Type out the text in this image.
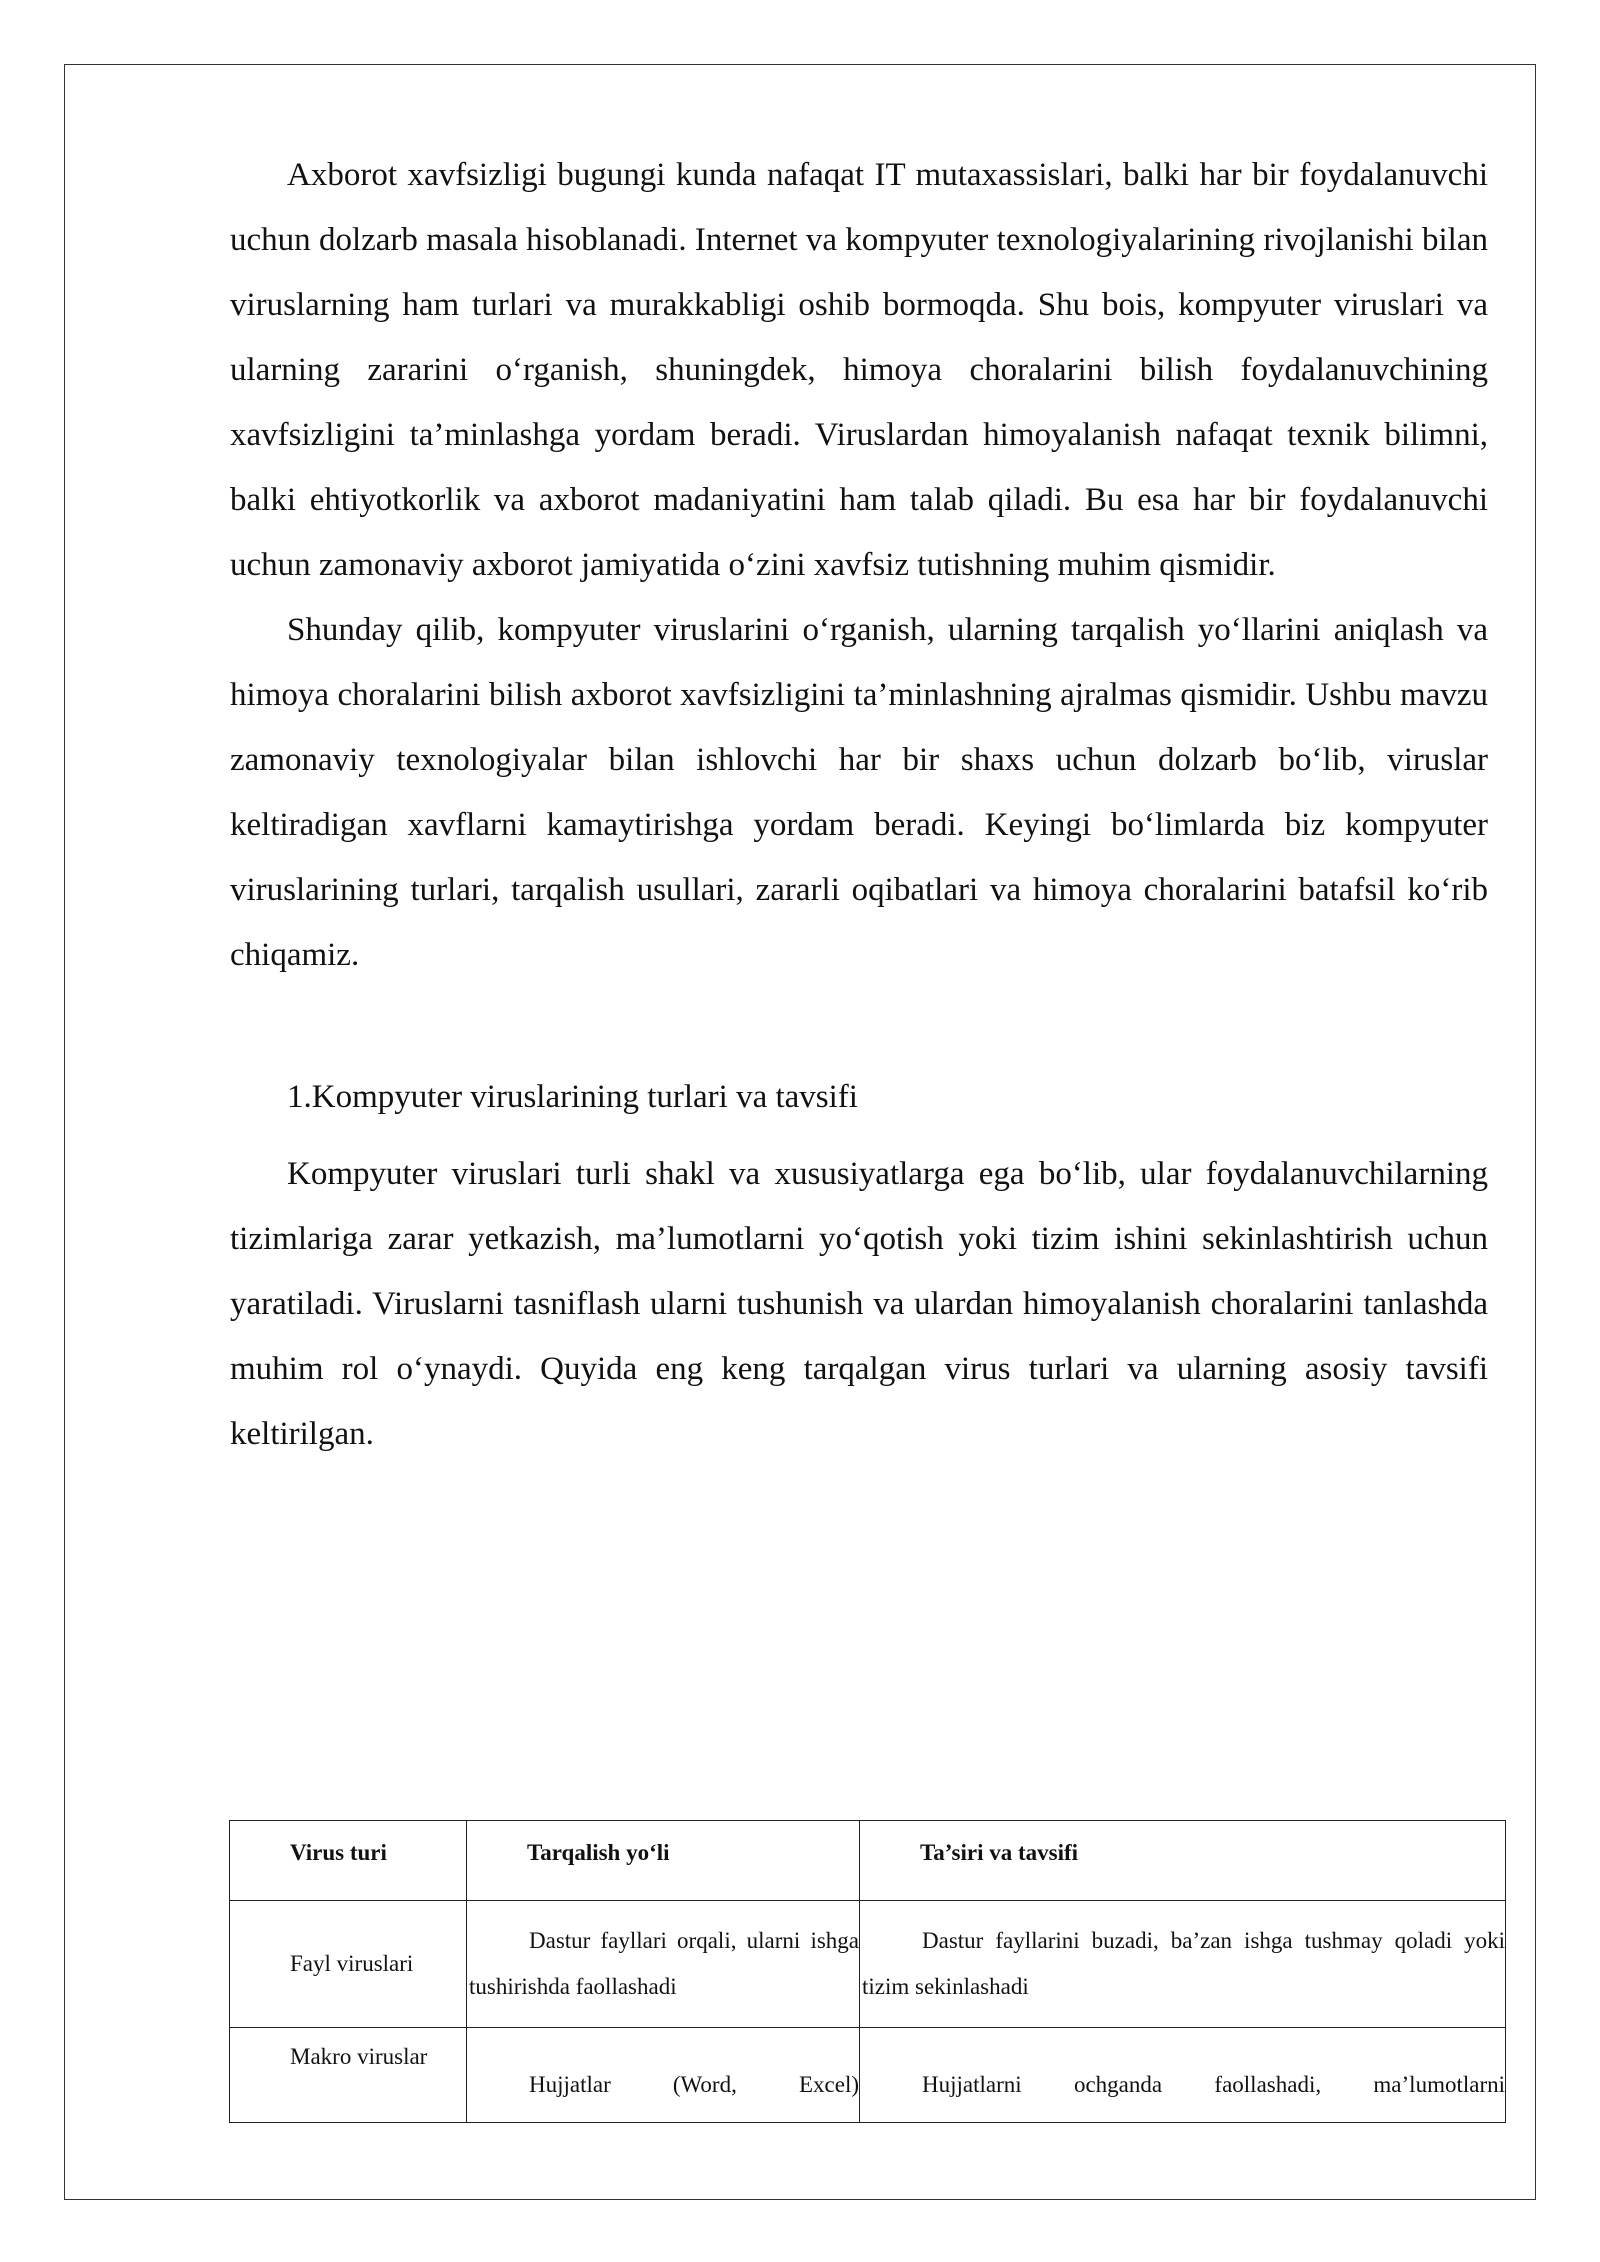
Axborot xavfsizligi bugungi kunda nafaqat IT mutaxassislari, balki har bir foydalanuvchi uchun dolzarb masala hisoblanadi. Internet va kompyuter texnologiyalarining rivojlanishi bilan viruslarning ham turlari va murakkabligi oshib bormoqda. Shu bois, kompyuter viruslari va ularning zararini o‘rganish, shuningdek, himoya choralarini bilish foydalanuvchining xavfsizligini ta’minlashga yordam beradi. Viruslardan himoyalanish nafaqat texnik bilimni, balki ehtiyotkorlik va axborot madaniyatini ham talab qiladi. Bu esa har bir foydalanuvchi uchun zamonaviy axborot jamiyatida o‘zini xavfsiz tutishning muhim qismidir.

Shunday qilib, kompyuter viruslarini o‘rganish, ularning tarqalish yo‘llarini aniqlash va himoya choralarini bilish axborot xavfsizligini ta’minlashning ajralmas qismidir. Ushbu mavzu zamonaviy texnologiyalar bilan ishlovchi har bir shaxs uchun dolzarb bo‘lib, viruslar keltiradigan xavflarni kamaytirishga yordam beradi. Keyingi bo‘limlarda biz kompyuter viruslarining turlari, tarqalish usullari, zararli oqibatlari va himoya choralarini batafsil ko‘rib chiqamiz.

1.Kompyuter viruslarining turlari va tavsifi

Kompyuter viruslari turli shakl va xususiyatlarga ega bo‘lib, ular foydalanuvchilarning tizimlariga zarar yetkazish, ma’lumotlarni yo‘qotish yoki tizim ishini sekinlashtirish uchun yaratiladi. Viruslarni tasniflash ularni tushunish va ulardan himoyalanish choralarini tanlashda muhim rol o‘ynaydi. Quyida eng keng tarqalgan virus turlari va ularning asosiy tavsifi keltirilgan.

Virus turi	Tarqalish yo‘li	Ta’siri va tavsifi
Fayl viruslari	Dastur fayllari orqali, ularni ishga tushirishda faollashadi	Dastur fayllarini buzadi, ba’zan ishga tushmay qoladi yoki tizim sekinlashadi
Makro viruslar	Hujjatlar (Word, Excel)	Hujjatlarni ochganda faollashadi, ma’lumotlarni
